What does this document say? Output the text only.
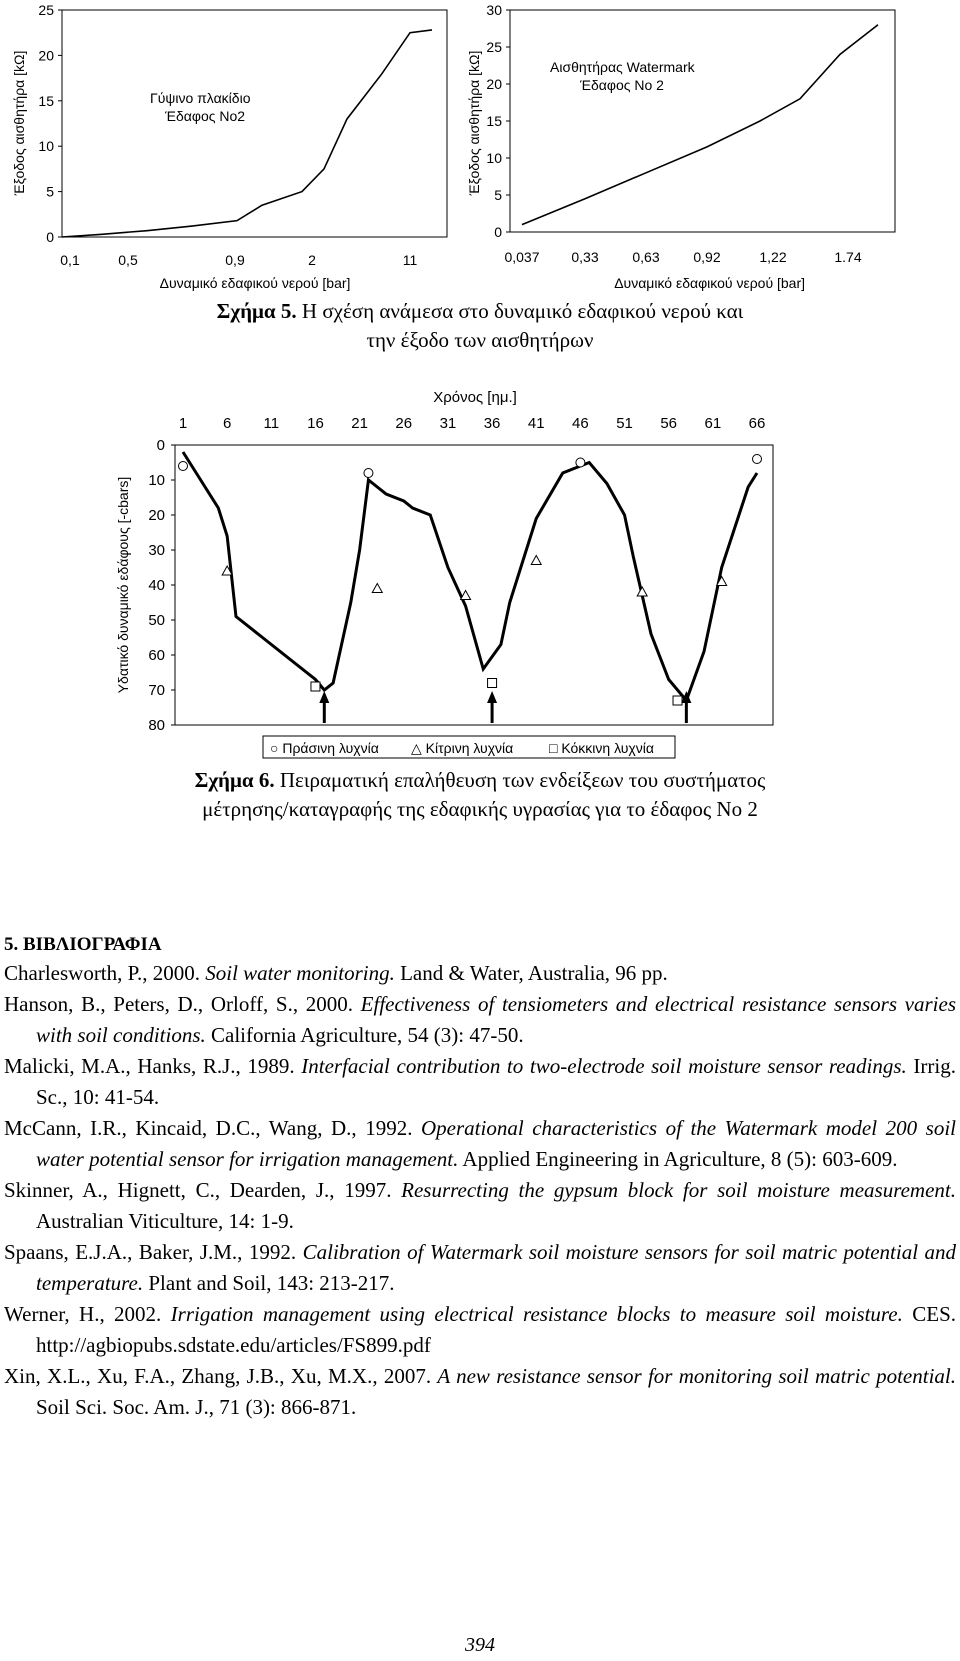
0
5
10
15
20
25
0,1	0,5	0,9	2	11
Γύψινο πλακίδιο
Έδαφος No2
Δυναμικό εδαφικού νερού [bar]
Έξοδος αισθητήρα [kΩ]
0
5
10
15
20
25
30
0,037 0,33 0,63 0,92	1,22	1.74
Αισθητήρας Watermark
Έδαφος No 2
Δυναμικό εδαφικού νερού [bar]
Έξοδος αισθητήρα [kΩ]
Σχήμα 5. Η σχέση ανάμεσα στο δυναμικό εδαφικού νερού και
την έξοδο των αισθητήρων
Χρόνος [ημ.]
0
10
20
30
40
50
60
70
80
1 6 11 16 21 26 31 36 41 46 51 56 61 66
Υδατικό δυναμικό εδάφους [-cbars]
○ Πράσινη λυχνία △ Κίτρινη λυχνία	□ Κόκκινη λυχνία
Σχήμα 6. Πειραματική επαλήθευση των ενδείξεων του συστήματος
μέτρησης/καταγραφής της εδαφικής υγρασίας για το έδαφος No 2
5. ΒΙΒΛΙΟΓΡΑΦΙΑ

Charlesworth, P., 2000. Soil water monitoring. Land & Water, Australia, 96 pp.

Hanson, B., Peters, D., Orloff, S., 2000. Effectiveness of tensiometers and electrical resistance sensors varies with soil conditions. California Agriculture, 54 (3): 47-50.

Malicki, M.A., Hanks, R.J., 1989. Interfacial contribution to two-electrode soil moisture sensor readings. Irrig. Sc., 10: 41-54.

McCann, I.R., Kincaid, D.C., Wang, D., 1992. Operational characteristics of the Watermark model 200 soil water potential sensor for irrigation management. Applied Engineering in Agriculture, 8 (5): 603-609.

Skinner, A., Hignett, C., Dearden, J., 1997. Resurrecting the gypsum block for soil moisture measurement. Australian Viticulture, 14: 1-9.

Spaans, E.J.A., Baker, J.M., 1992. Calibration of Watermark soil moisture sensors for soil matric potential and temperature. Plant and Soil, 143: 213-217.

Werner, H., 2002. Irrigation management using electrical resistance blocks to measure soil moisture. CES. http://agbiopubs.sdstate.edu/articles/FS899.pdf

Xin, X.L., Xu, F.A., Zhang, J.B., Xu, M.X., 2007. A new resistance sensor for monitoring soil matric potential. Soil Sci. Soc. Am. J., 71 (3): 866-871.

394
